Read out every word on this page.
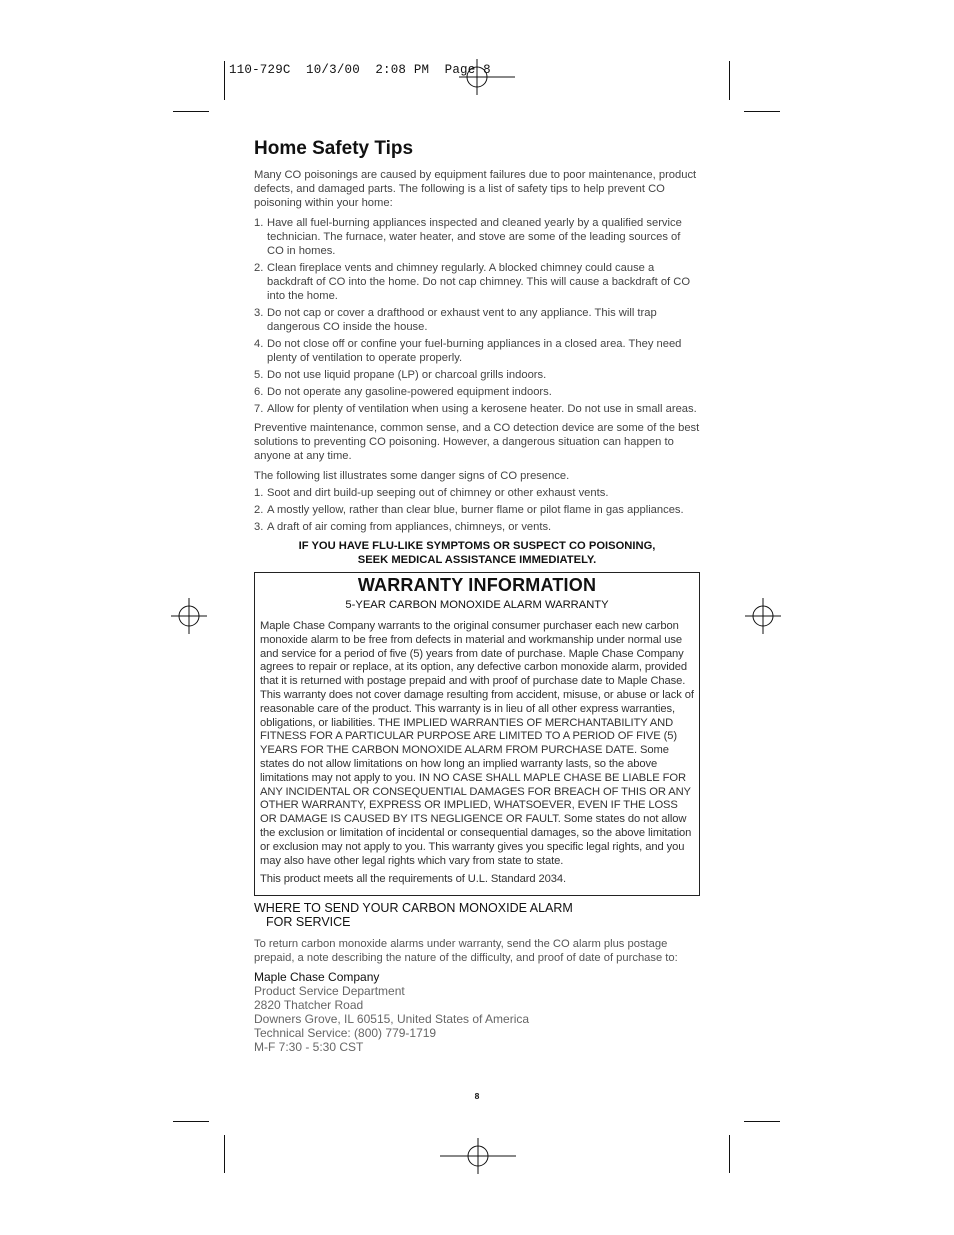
110-729C  10/3/00  2:08 PM  Page 8
Home Safety Tips

Many CO poisonings are caused by equipment failures due to poor maintenance, product defects, and damaged parts. The following is a list of safety tips to help prevent CO poisoning within your home:

1. Have all fuel-burning appliances inspected and cleaned yearly by a qualified service technician. The furnace, water heater, and stove are some of the leading sources of CO in homes.
2. Clean fireplace vents and chimney regularly. A blocked chimney could cause a backdraft of CO into the home. Do not cap chimney. This will cause a backdraft of CO into the home.
3. Do not cap or cover a drafthood or exhaust vent to any appliance. This will trap dangerous CO inside the house.
4. Do not close off or confine your fuel-burning appliances in a closed area. They need plenty of ventilation to operate properly.
5. Do not use liquid propane (LP) or charcoal grills indoors.
6. Do not operate any gasoline-powered equipment indoors.
7. Allow for plenty of ventilation when using a kerosene heater. Do not use in small areas.

Preventive maintenance, common sense, and a CO detection device are some of the best solutions to preventing CO poisoning. However, a dangerous situation can happen to anyone at any time.

The following list illustrates some danger signs of CO presence.

1. Soot and dirt build-up seeping out of chimney or other exhaust vents.
2. A mostly yellow, rather than clear blue, burner flame or pilot flame in gas appliances.
3. A draft of air coming from appliances, chimneys, or vents.
IF YOU HAVE FLU-LIKE SYMPTOMS OR SUSPECT CO POISONING,
SEEK MEDICAL ASSISTANCE IMMEDIATELY.
WARRANTY INFORMATION
5-YEAR CARBON MONOXIDE ALARM WARRANTY

Maple Chase Company warrants to the original consumer purchaser each new carbon monoxide alarm to be free from defects in material and workmanship under normal use and service for a period of five (5) years from date of purchase. Maple Chase Company agrees to repair or replace, at its option, any defective carbon monoxide alarm, provided that it is returned with postage prepaid and with proof of purchase date to Maple Chase. This warranty does not cover damage resulting from accident, misuse, or abuse or lack of reasonable care of the product. This warranty is in lieu of all other express warranties, obligations, or liabilities. THE IMPLIED WARRANTIES OF MERCHANTABILITY AND FITNESS FOR A PARTICULAR PURPOSE ARE LIMITED TO A PERIOD OF FIVE (5) YEARS FOR THE CARBON MONOXIDE ALARM FROM PURCHASE DATE. Some states do not allow limitations on how long an implied warranty lasts, so the above limitations may not apply to you. IN NO CASE SHALL MAPLE CHASE BE LIABLE FOR ANY INCIDENTAL OR CONSEQUENTIAL DAMAGES FOR BREACH OF THIS OR ANY OTHER WARRANTY, EXPRESS OR IMPLIED, WHATSOEVER, EVEN IF THE LOSS OR DAMAGE IS CAUSED BY ITS NEGLIGENCE OR FAULT. Some states do not allow the exclusion or limitation of incidental or consequential damages, so the above limitation or exclusion may not apply to you. This warranty gives you specific legal rights, and you may also have other legal rights which vary from state to state.

This product meets all the requirements of U.L. Standard 2034.

WHERE TO SEND YOUR CARBON MONOXIDE ALARM
FOR SERVICE

To return carbon monoxide alarms under warranty, send the CO alarm plus postage prepaid, a note describing the nature of the difficulty, and proof of date of purchase to:

Maple Chase Company
Product Service Department
2820 Thatcher Road
Downers Grove, IL 60515, United States of America
Technical Service: (800) 779-1719
M-F 7:30 - 5:30 CST
8
